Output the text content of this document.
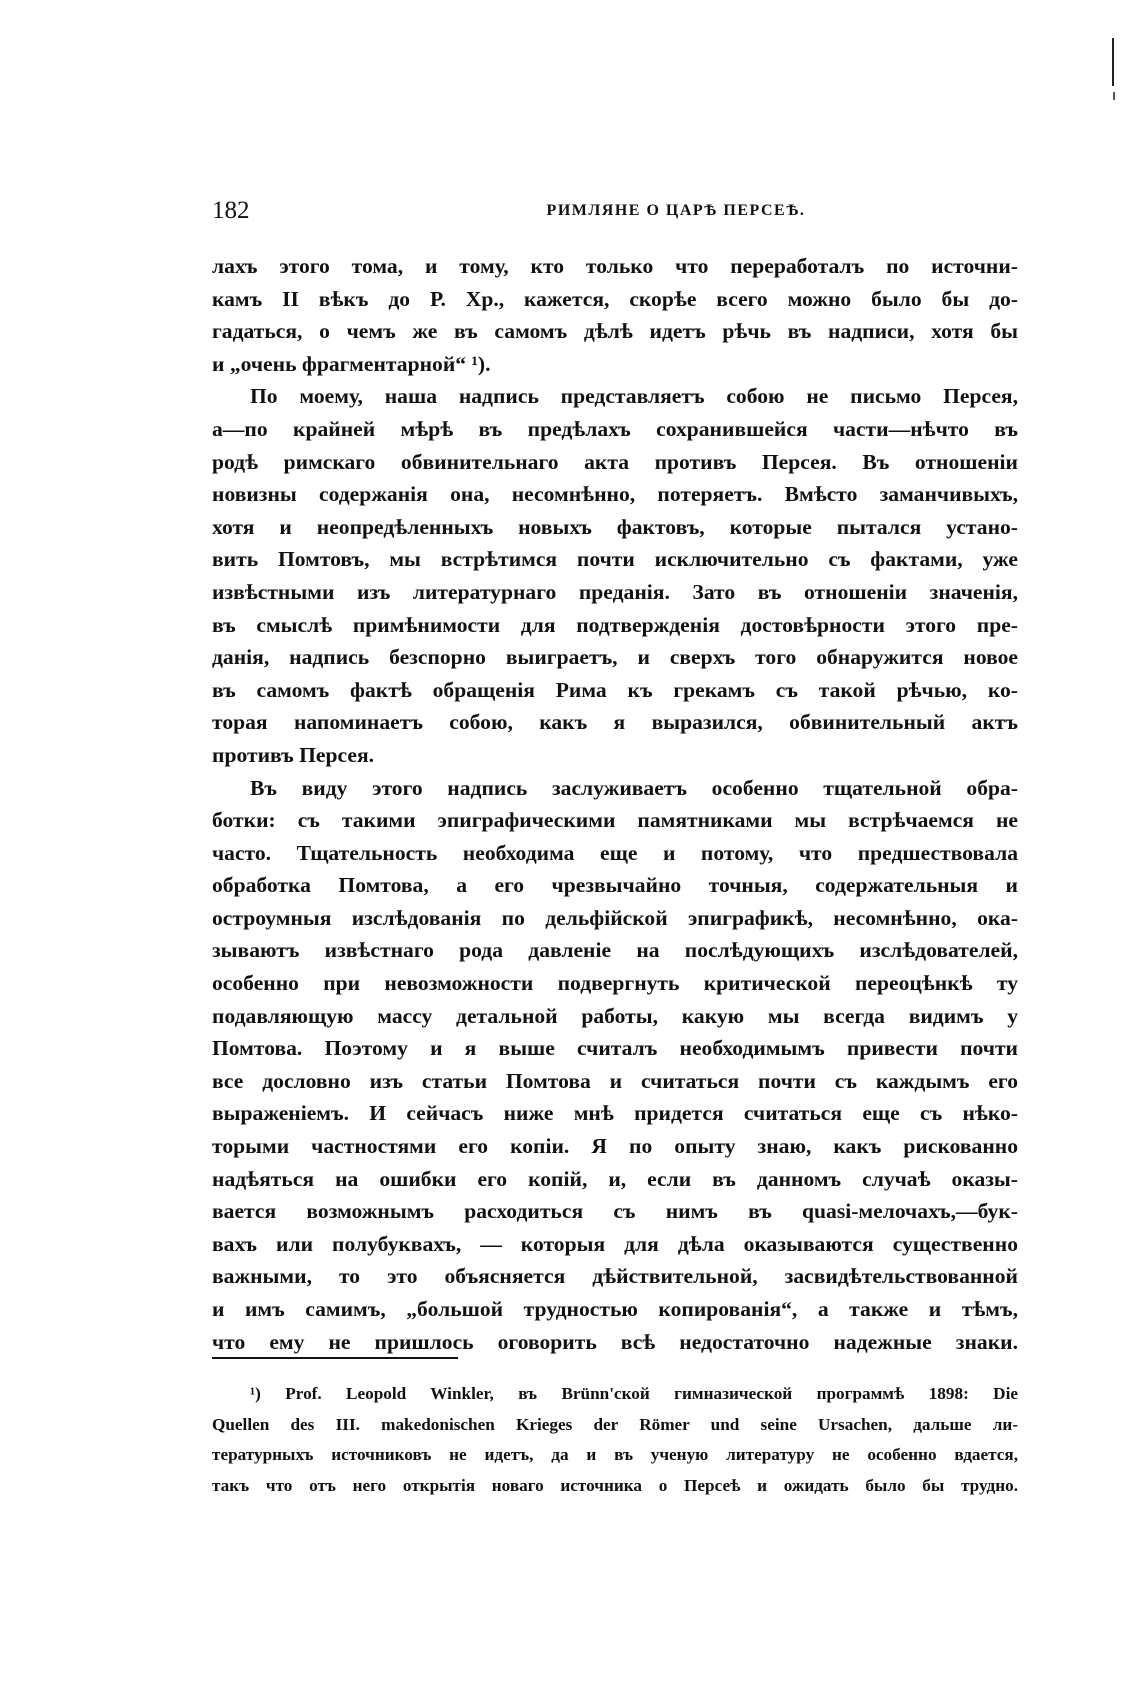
182	РИМЛЯНЕ О ЦАРѢ ПЕРСЕѢ.

лахъ этого тома, и тому, кто только что переработалъ по источни-
камъ II вѣкъ до Р. Хр., кажется, скорѣе всего можно было бы до-
гадаться, о чемъ же въ самомъ дѣлѣ идетъ рѣчь въ надписи, хотя бы
и „очень фрагментарной“ ¹).

По моему, наша надпись представляетъ собою не письмо Персея,
а—по крайней мѣрѣ въ предѣлахъ сохранившейся части—нѣчто въ
родѣ римскаго обвинительнаго акта противъ Персея. Въ отношеніи
новизны содержанія она, несомнѣнно, потеряетъ. Вмѣсто заманчивыхъ,
хотя и неопредѣленныхъ новыхъ фактовъ, которые пытался устано-
вить Помтовъ, мы встрѣтимся почти исключительно съ фактами, уже
извѣстными изъ литературнаго преданія. Зато въ отношеніи значенія,
въ смыслѣ примѣнимости для подтвержденія достовѣрности этого пре-
данія, надпись безспорно выиграетъ, и сверхъ того обнаружится новое
въ самомъ фактѣ обращенія Рима къ грекамъ съ такой рѣчью, ко-
торая напоминаетъ собою, какъ я выразился, обвинительный актъ
противъ Персея.

Въ виду этого надпись заслуживаетъ особенно тщательной обра-
ботки: съ такими эпиграфическими памятниками мы встрѣчаемся не
часто. Тщательность необходима еще и потому, что предшествовала
обработка Помтова, а его чрезвычайно точныя, содержательныя и
остроумныя изслѣдованія по дельфійской эпиграфикѣ, несомнѣнно, ока-
зываютъ извѣстнаго рода давленіе на послѣдующихъ изслѣдователей,
особенно при невозможности подвергнуть критической переоцѣнкѣ ту
подавляющую массу детальной работы, какую мы всегда видимъ у
Помтова. Поэтому и я выше считалъ необходимымъ привести почти
все дословно изъ статьи Помтова и считаться почти съ каждымъ его
выраженіемъ. И сейчасъ ниже мнѣ придется считаться еще съ нѣко-
торыми частностями его копіи. Я по опыту знаю, какъ рискованно
надѣяться на ошибки его копій, и, если въ данномъ случаѣ оказы-
вается возможнымъ расходиться съ нимъ въ quasi-мелочахъ,—бук-
вахъ или полубуквахъ, — которыя для дѣла оказываются существенно
важными, то это объясняется дѣйствительной, засвидѣтельствованной
и имъ самимъ, „большой трудностью копированія“, а также и тѣмъ,
что ему не пришлось оговорить всѣ недостаточно надежные знаки.

¹) Prof. Leopold Winkler, въ Brünn'ской гимназической программѣ 1898: Die
Quellen des III. makedonischen Krieges der Römer und seine Ursachen, дальше ли-
тературныхъ источниковъ не идетъ, да и въ ученую литературу не особенно вдается,
такъ что отъ него открытія новаго источника о Персеѣ и ожидать было бы трудно.
